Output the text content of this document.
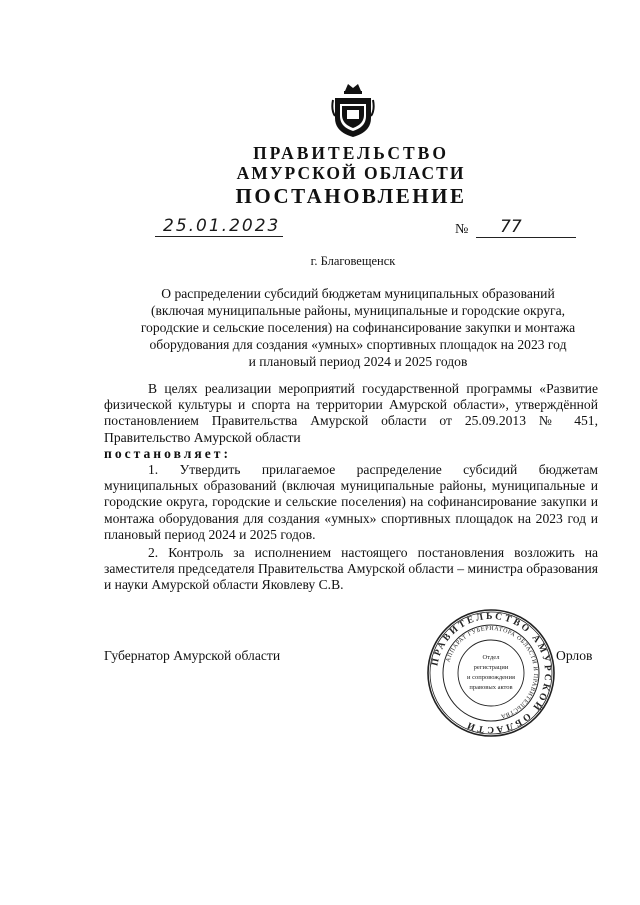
ПРАВИТЕЛЬСТВО
АМУРСКОЙ ОБЛАСТИ
ПОСТАНОВЛЕНИЕ
25.01.2023	№ 77
г. Благовещенск
О распределении субсидий бюджетам муниципальных образований
(включая муниципальные районы, муниципальные и городские округа,
городские и сельские поселения) на софинансирование закупки и монтажа
оборудования для создания «умных» спортивных площадок на 2023 год
и плановый период 2024 и 2025 годов
В целях реализации мероприятий государственной программы «Развитие физической культуры и спорта на территории Амурской области», утверждённой постановлением Правительства Амурской области от 25.09.2013 № 451, Правительство Амурской области
постановляет:
1. Утвердить прилагаемое распределение субсидий бюджетам муниципальных образований (включая муниципальные районы, муниципальные и городские округа, городские и сельские поселения) на софинансирование закупки и монтажа оборудования для создания «умных» спортивных площадок на 2023 год и плановый период 2024 и 2025 годов.
2. Контроль за исполнением настоящего постановления возложить на заместителя председателя Правительства Амурской области – министра образования и науки Амурской области Яковлеву С.В.
Губернатор Амурской области	Орлов
ПРАВИТЕЛЬСТВО АМУРСКОЙ ОБЛАСТИ
АППАРАТ ГУБЕРНАТОРА ОБЛАСТИ И ПРАВИТЕЛЬСТВА
Отдел
регистрации
и сопровождения
правовых актов
